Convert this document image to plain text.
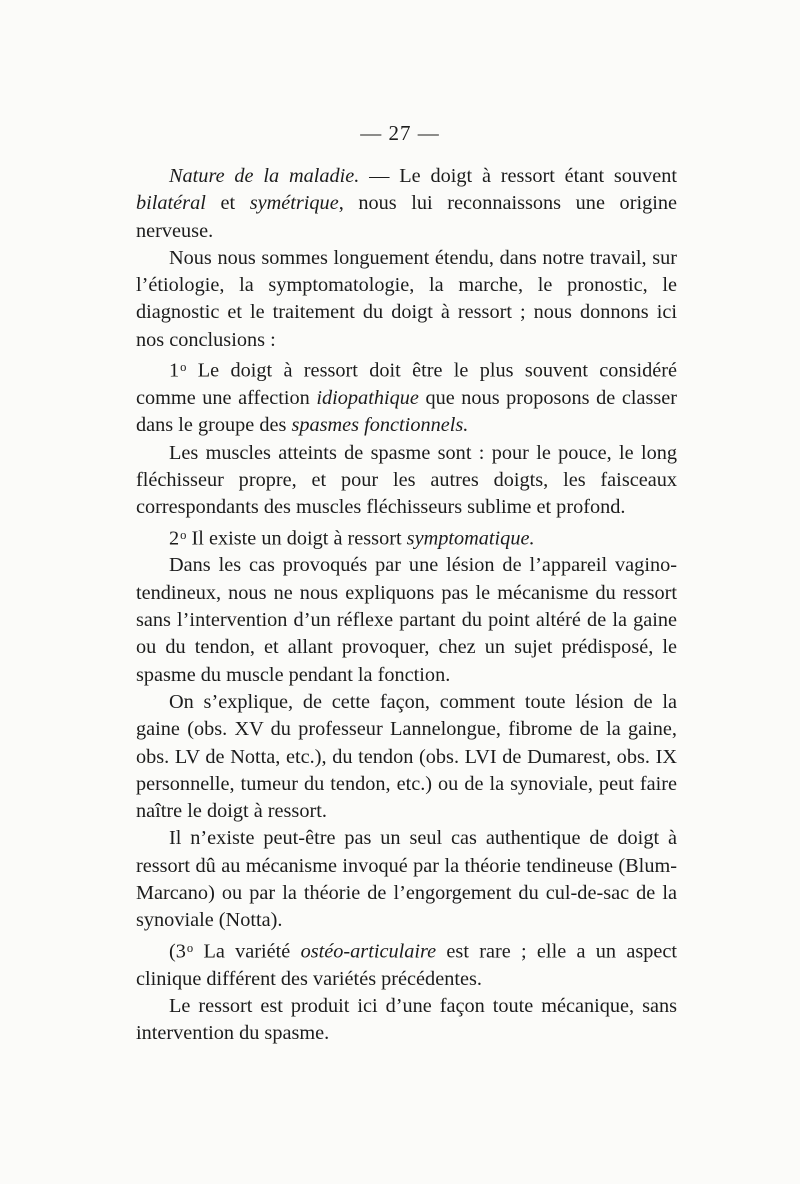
— 27 —

Nature de la maladie. — Le doigt à ressort étant souvent bilatéral et symétrique, nous lui reconnaissons une origine nerveuse.

Nous nous sommes longuement étendu, dans notre travail, sur l’étiologie, la symptomatologie, la marche, le pronostic, le diagnostic et le traitement du doigt à ressort ; nous donnons ici nos conclusions :

1$^o$ Le doigt à ressort doit être le plus souvent considéré comme une affection idiopathique que nous proposons de classer dans le groupe des spasmes fonctionnels.

Les muscles atteints de spasme sont : pour le pouce, le long fléchisseur propre, et pour les autres doigts, les faisceaux correspondants des muscles fléchisseurs sublime et profond.

2$^o$ Il existe un doigt à ressort symptomatique.

Dans les cas provoqués par une lésion de l’appareil vagino-tendineux, nous ne nous expliquons pas le mécanisme du ressort sans l’intervention d’un réflexe partant du point altéré de la gaine ou du tendon, et allant provoquer, chez un sujet prédisposé, le spasme du muscle pendant la fonction.

On s’explique, de cette façon, comment toute lésion de la gaine (obs. XV du professeur Lannelongue, fibrome de la gaine, obs. LV de Notta, etc.), du tendon (obs. LVI de Dumarest, obs. IX personnelle, tumeur du tendon, etc.) ou de la synoviale, peut faire naître le doigt à ressort.

Il n’existe peut-être pas un seul cas authentique de doigt à ressort dû au mécanisme invoqué par la théorie tendineuse (Blum-Marcano) ou par la théorie de l’engorgement du cul-de-sac de la synoviale (Notta).

(3$^o$ La variété ostéo-articulaire est rare ; elle a un aspect clinique différent des variétés précédentes.

Le ressort est produit ici d’une façon toute mécanique, sans intervention du spasme.
